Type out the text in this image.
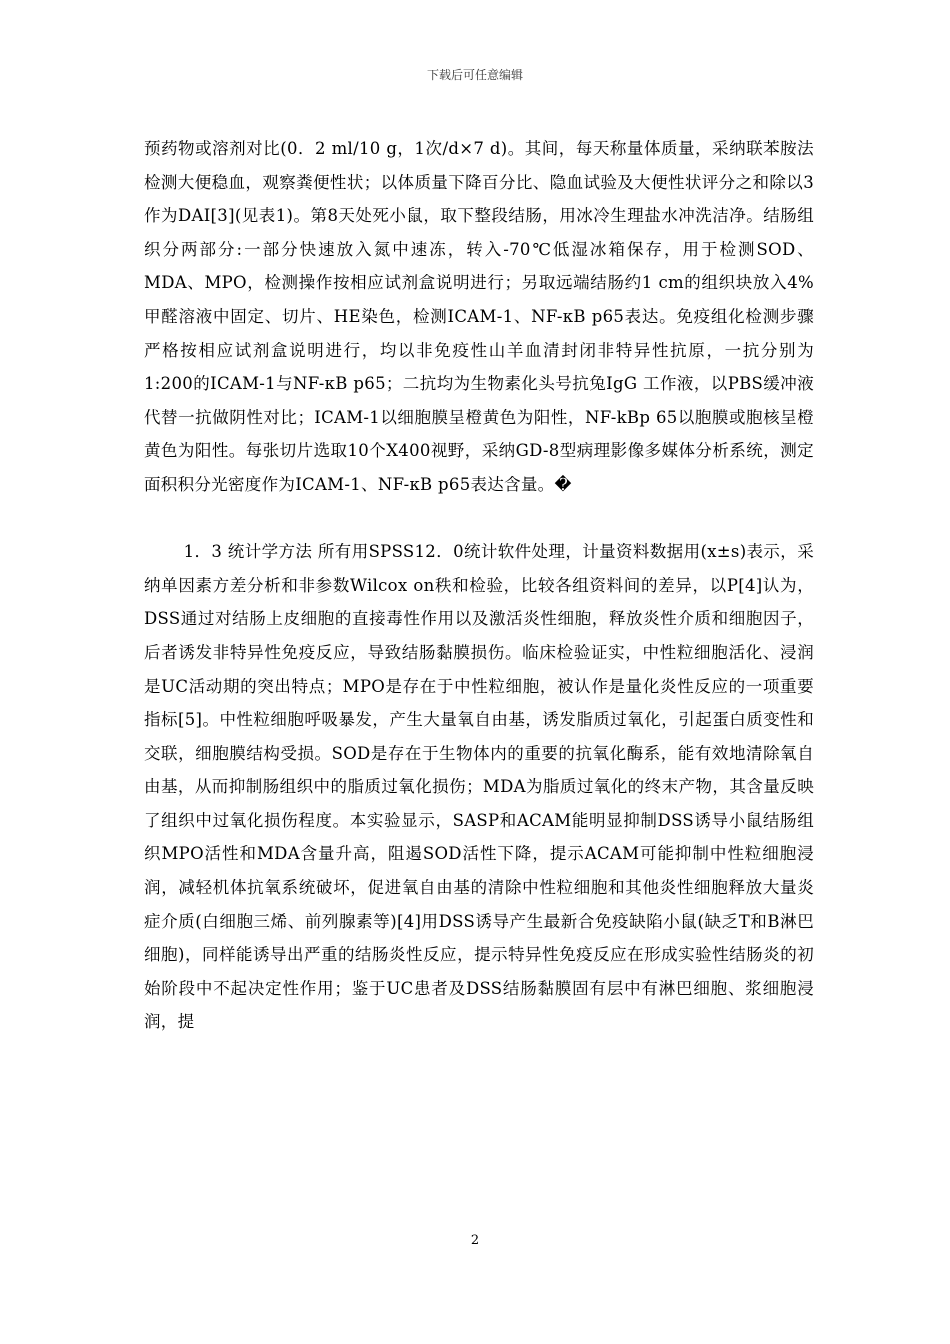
下载后可任意编辑

预药物或溶剂对比(0．2 ml/10 g，1次/d×7 d)。其间，每天称量体质量，采纳联苯胺法检测大便稳血，观察粪便性状；以体质量下降百分比、隐血试验及大便性状评分之和除以3作为DAI[3](见表1)。第8天处死小鼠，取下整段结肠，用冰冷生理盐水冲洗洁净。结肠组织分两部分:一部分快速放入氮中速冻，转入-70℃低湿冰箱保存，用于检测SOD、MDA、MPO，检测操作按相应试剂盒说明进行；另取远端结肠约1 cm的组织块放入4%甲醛溶液中固定、切片、HE染色，检测ICAM-1、NF-κB p65表达。免疫组化检测步骤严格按相应试剂盒说明进行，均以非免疫性山羊血清封闭非特异性抗原，一抗分别为1:200的ICAM-1与NF-κB p65；二抗均为生物素化头号抗兔IgG 工作液，以PBS缓冲液代替一抗做阴性对比；ICAM-1以细胞膜呈橙黄色为阳性，NF-kBp 65以胞膜或胞核呈橙黄色为阳性。每张切片选取10个X400视野，采纳GD-8型病理影像多媒体分析系统，测定面积积分光密度作为ICAM-1、NF-κB p65表达含量。�

1．3 统计学方法 所有用SPSS12．0统计软件处理，计量资料数据用(x±s)表示，采纳单因素方差分析和非参数Wilcox on秩和检验，比较各组资料间的差异，以P[4]认为，DSS通过对结肠上皮细胞的直接毒性作用以及激活炎性细胞，释放炎性介质和细胞因子，后者诱发非特异性免疫反应，导致结肠黏膜损伤。临床检验证实，中性粒细胞活化、浸润是UC活动期的突出特点；MPO是存在于中性粒细胞，被认作是量化炎性反应的一项重要指标[5]。中性粒细胞呼吸暴发，产生大量氧自由基，诱发脂质过氧化，引起蛋白质变性和交联，细胞膜结构受损。SOD是存在于生物体内的重要的抗氧化酶系，能有效地清除氧自由基，从而抑制肠组织中的脂质过氧化损伤；MDA为脂质过氧化的终末产物，其含量反映了组织中过氧化损伤程度。本实验显示，SASP和ACAM能明显抑制DSS诱导小鼠结肠组织MPO活性和MDA含量升高，阻遏SOD活性下降，提示ACAM可能抑制中性粒细胞浸润，减轻机体抗氧系统破坏，促进氧自由基的清除中性粒细胞和其他炎性细胞释放大量炎症介质(白细胞三烯、前列腺素等)[4]用DSS诱导产生最新合免疫缺陷小鼠(缺乏T和B淋巴细胞)，同样能诱导出严重的结肠炎性反应，提示特异性免疫反应在形成实验性结肠炎的初始阶段中不起决定性作用；鉴于UC患者及DSS结肠黏膜固有层中有淋巴细胞、浆细胞浸润，提

2
